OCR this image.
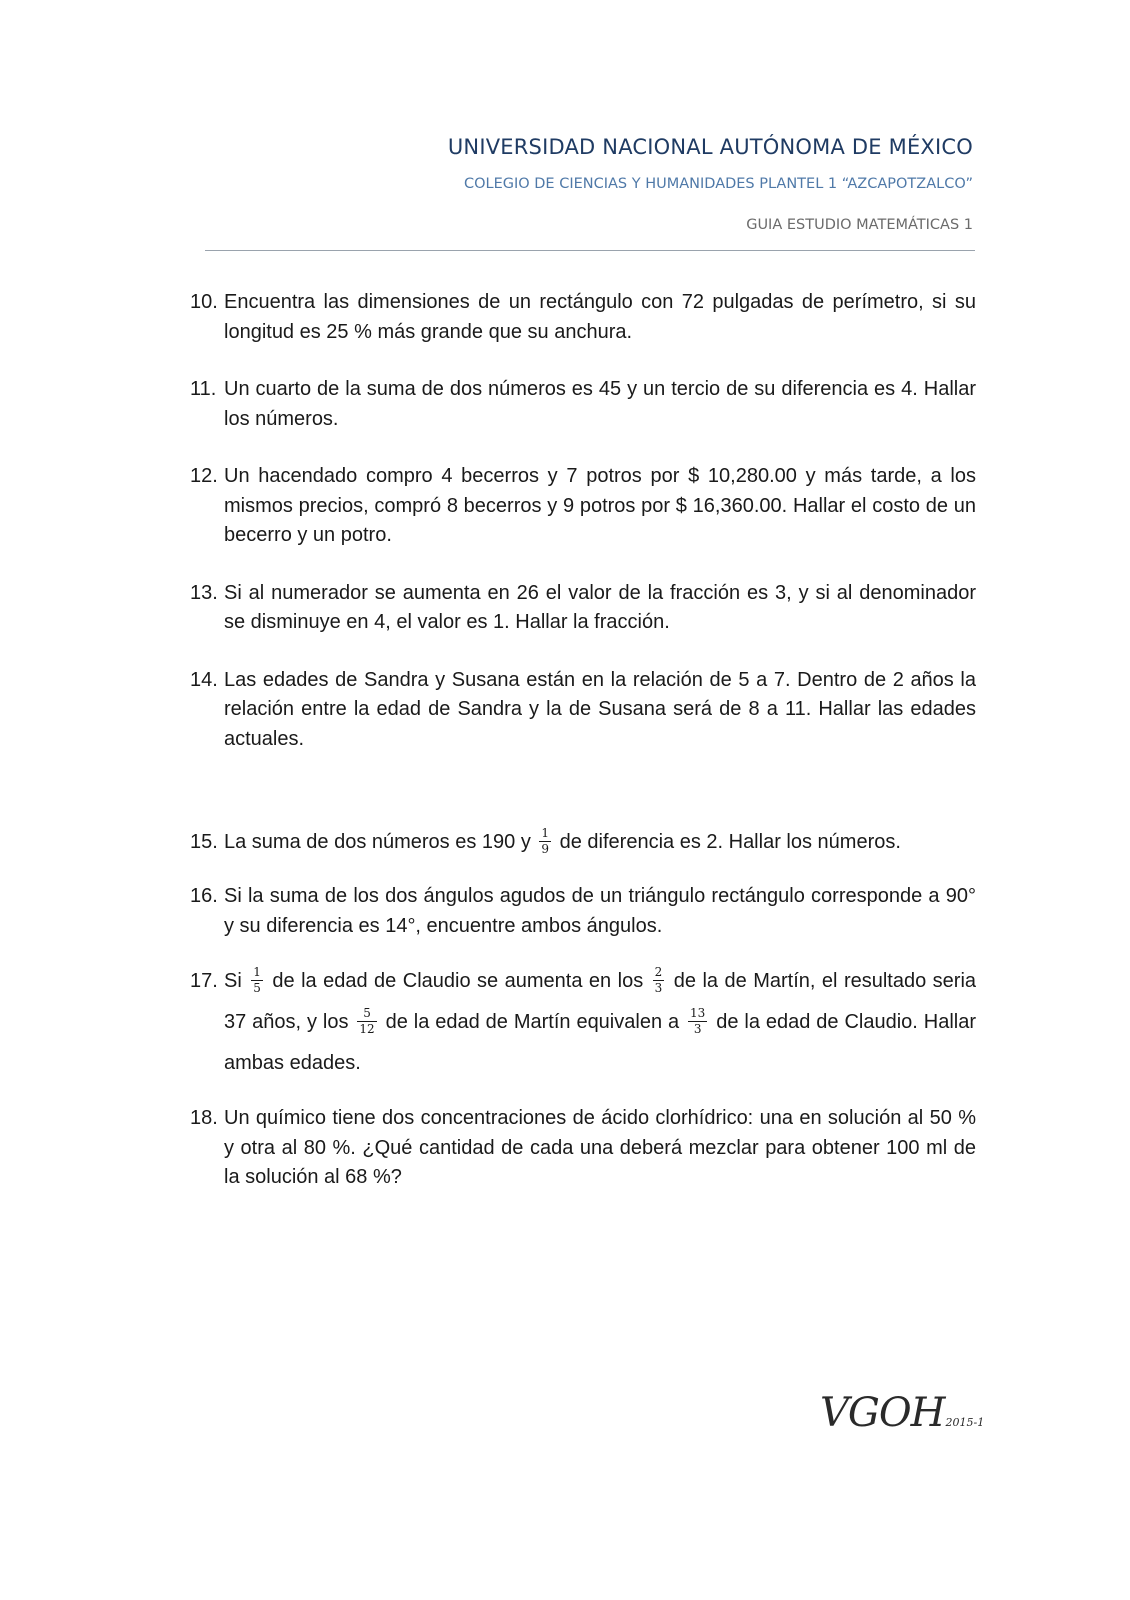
UNIVERSIDAD NACIONAL AUTÓNOMA DE MÉXICO
COLEGIO DE CIENCIAS Y HUMANIDADES PLANTEL 1 “AZCAPOTZALCO”
GUIA ESTUDIO MATEMÁTICAS 1

10. Encuentra las dimensiones de un rectángulo con 72 pulgadas de perímetro, si su longitud es 25 % más grande que su anchura.

11. Un cuarto de la suma de dos números es 45 y un tercio de su diferencia es 4. Hallar los números.

12. Un hacendado compro 4 becerros y 7 potros por $ 10,280.00 y más tarde, a los mismos precios, compró 8 becerros y 9 potros por $ 16,360.00. Hallar el costo de un becerro y un potro.

13. Si al numerador se aumenta en 26 el valor de la fracción es 3, y si al denominador se disminuye en 4, el valor es 1. Hallar la fracción.

14. Las edades de Sandra y Susana están en la relación de 5 a 7. Dentro de 2 años la relación entre la edad de Sandra y la de Susana será de 8 a 11. Hallar las edades actuales.

15. La suma de dos números es 190 y $\frac{1}{9}$ de diferencia es 2. Hallar los números.

16. Si la suma de los dos ángulos agudos de un triángulo rectángulo corresponde a 90° y su diferencia es 14°, encuentre ambos ángulos.

17. Si $\frac{1}{5}$ de la edad de Claudio se aumenta en los $\frac{2}{3}$ de la de Martín, el resultado seria 37 años, y los $\frac{5}{12}$ de la edad de Martín equivalen a $\frac{13}{3}$ de la edad de Claudio. Hallar ambas edades.

18. Un químico tiene dos concentraciones de ácido clorhídrico: una en solución al 50 % y otra al 80 %. ¿Qué cantidad de cada una deberá mezclar para obtener 100 ml de la solución al 68 %?

VGOH2015-1
